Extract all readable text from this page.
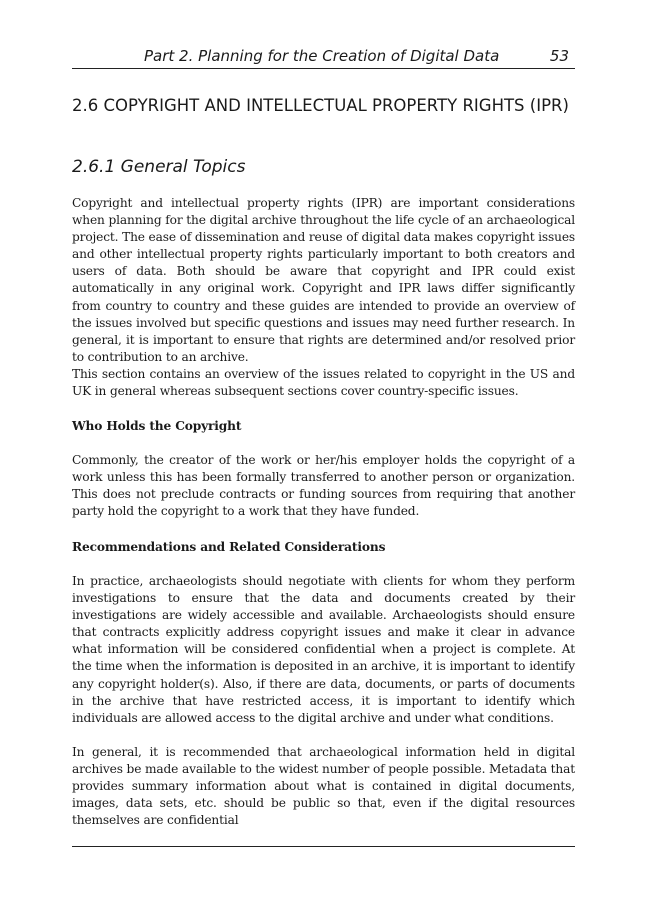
Part 2. Planning for the Creation of Digital Data	53
2.6 COPYRIGHT AND INTELLECTUAL PROPERTY RIGHTS (IPR)
2.6.1 General Topics

Copyright and intellectual property rights (IPR) are important considerations when planning for the digital archive throughout the life cycle of an archaeological project. The ease of dissemination and reuse of digital data makes copyright issues and other intellectual property rights particularly important to both creators and users of data. Both should be aware that copyright and IPR could exist automatically in any original work. Copyright and IPR laws differ significantly from country to country and these guides are intended to provide an overview of the issues involved but specific questions and issues may need further research. In general, it is important to ensure that rights are determined and/or resolved prior to contribution to an archive.

This section contains an overview of the issues related to copyright in the US and UK in general whereas subsequent sections cover country-specific issues.

Who Holds the Copyright

Commonly, the creator of the work or her/his employer holds the copyright of a work unless this has been formally transferred to another person or organization. This does not preclude contracts or funding sources from requiring that another party hold the copyright to a work that they have funded.

Recommendations and Related Considerations

In practice, archaeologists should negotiate with clients for whom they perform investigations to ensure that the data and documents created by their investigations are widely accessible and available. Archaeologists should ensure that contracts explicitly address copyright issues and make it clear in advance what information will be considered confidential when a project is complete. At the time when the information is deposited in an archive, it is important to identify any copyright holder(s). Also, if there are data, documents, or parts of documents in the archive that have restricted access, it is important to identify which individuals are allowed access to the digital archive and under what conditions.

In general, it is recommended that archaeological information held in digital archives be made available to the widest number of people possible. Metadata that provides summary information about what is contained in digital documents, images, data sets, etc. should be public so that, even if the digital resources themselves are confidential
